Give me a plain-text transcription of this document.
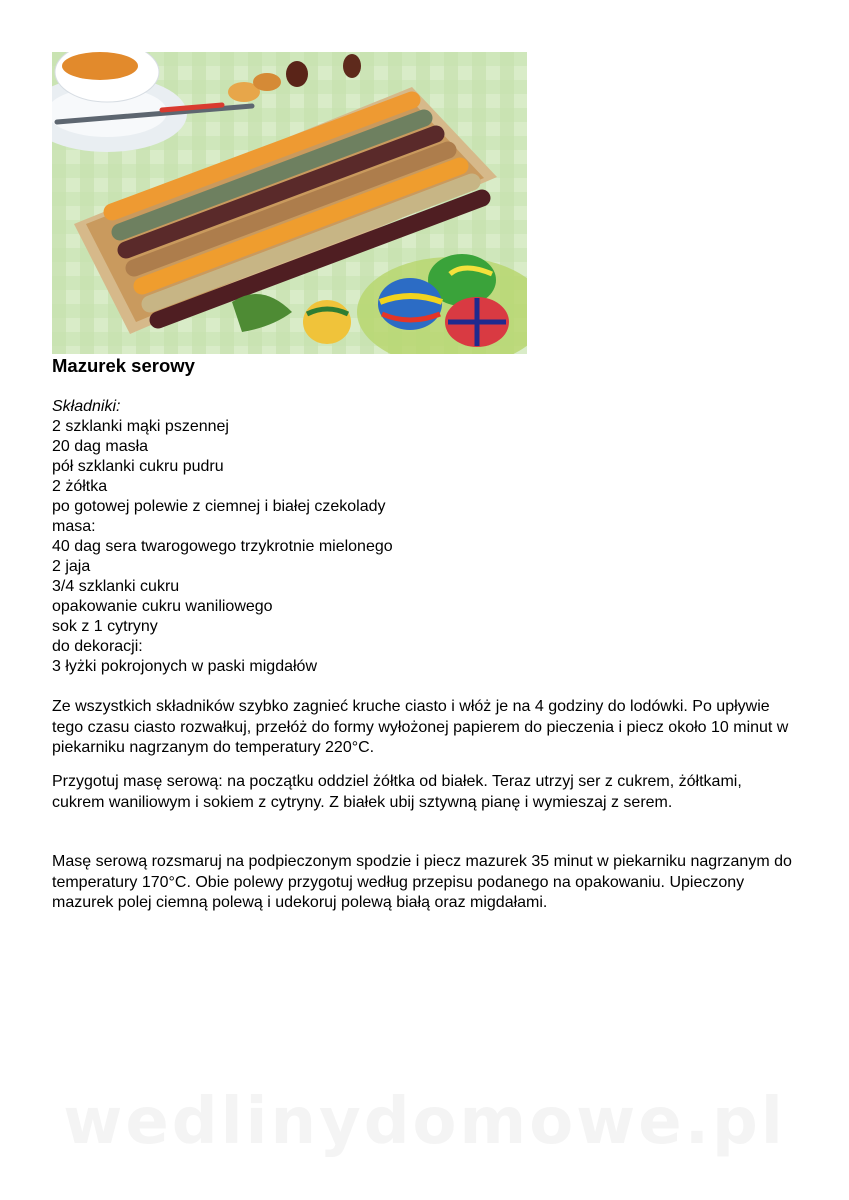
Mazurek serowy
Składniki:
2 szklanki mąki pszennej
20 dag masła
pół szklanki cukru pudru
2 żółtka
po gotowej polewie z ciemnej i białej czekolady
masa:
40 dag sera twarogowego trzykrotnie mielonego
2 jaja
3/4 szklanki cukru
opakowanie cukru waniliowego
sok z 1 cytryny
do dekoracji:
3 łyżki pokrojonych w paski migdałów

Ze wszystkich składników szybko zagnieć kruche ciasto i włóż je na 4 godziny do lodówki. Po upływie tego czasu ciasto rozwałkuj, przełóż do formy wyłożonej papierem do pieczenia i piecz około 10 minut w piekarniku nagrzanym do temperatury 220°C.

Przygotuj masę serową: na początku oddziel żółtka od białek. Teraz utrzyj ser z cukrem, żółtkami, cukrem waniliowym i sokiem z cytryny. Z białek ubij sztywną pianę i wymieszaj z serem.

Masę serową rozsmaruj na podpieczonym spodzie i piecz mazurek 35 minut w piekarniku nagrzanym do temperatury 170°C. Obie polewy przygotuj według przepisu podanego na opakowaniu. Upieczony mazurek polej ciemną polewą i udekoruj polewą białą oraz migdałami.

wedlinydomowe.pl
